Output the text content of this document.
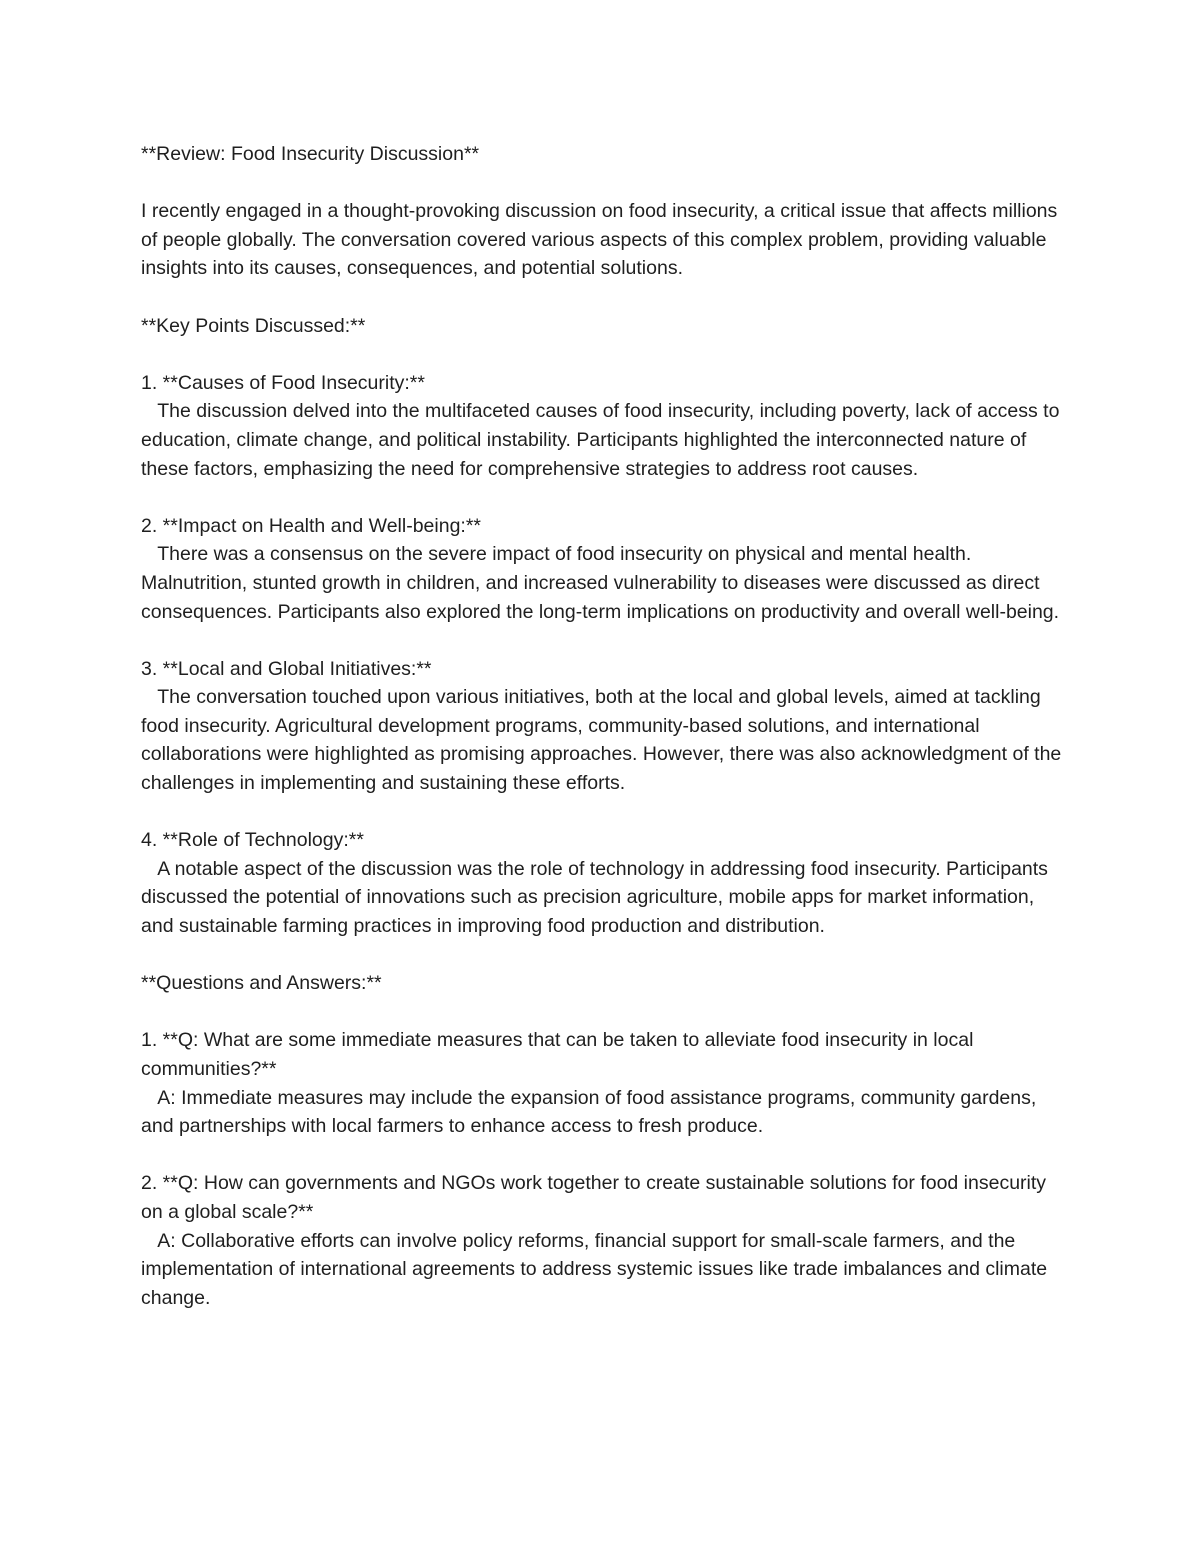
**Review: Food Insecurity Discussion**

I recently engaged in a thought-provoking discussion on food insecurity, a critical issue that affects millions of people globally. The conversation covered various aspects of this complex problem, providing valuable insights into its causes, consequences, and potential solutions.

**Key Points Discussed:**

1. **Causes of Food Insecurity:**
The discussion delved into the multifaceted causes of food insecurity, including poverty, lack of access to education, climate change, and political instability. Participants highlighted the interconnected nature of these factors, emphasizing the need for comprehensive strategies to address root causes.

2. **Impact on Health and Well-being:**
There was a consensus on the severe impact of food insecurity on physical and mental health. Malnutrition, stunted growth in children, and increased vulnerability to diseases were discussed as direct consequences. Participants also explored the long-term implications on productivity and overall well-being.

3. **Local and Global Initiatives:**
The conversation touched upon various initiatives, both at the local and global levels, aimed at tackling food insecurity. Agricultural development programs, community-based solutions, and international collaborations were highlighted as promising approaches. However, there was also acknowledgment of the challenges in implementing and sustaining these efforts.

4. **Role of Technology:**
A notable aspect of the discussion was the role of technology in addressing food insecurity. Participants discussed the potential of innovations such as precision agriculture, mobile apps for market information, and sustainable farming practices in improving food production and distribution.

**Questions and Answers:**

1. **Q: What are some immediate measures that can be taken to alleviate food insecurity in local communities?**
A: Immediate measures may include the expansion of food assistance programs, community gardens, and partnerships with local farmers to enhance access to fresh produce.

2. **Q: How can governments and NGOs work together to create sustainable solutions for food insecurity on a global scale?**
A: Collaborative efforts can involve policy reforms, financial support for small-scale farmers, and the implementation of international agreements to address systemic issues like trade imbalances and climate change.
